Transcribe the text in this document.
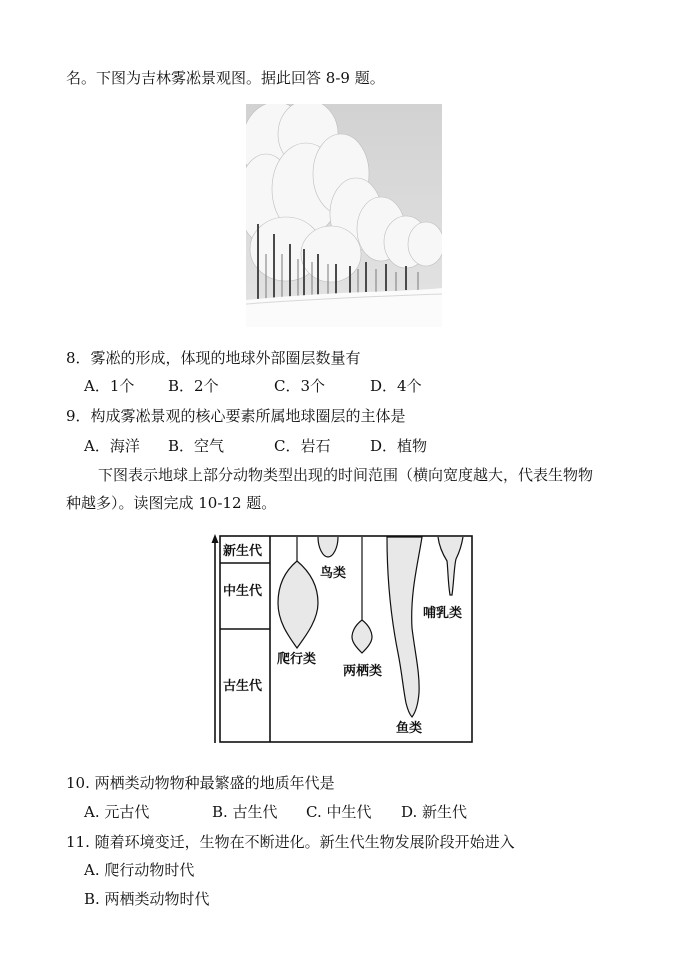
名。下图为吉林雾凇景观图。据此回答 8-9 题。
8．雾凇的形成，体现的地球外部圈层数量有
A．1个 B．2个	C．3个	D．4个
9．构成雾凇景观的核心要素所属地球圈层的主体是
A．海洋 B．空气	C．岩石	D．植物
下图表示地球上部分动物类型出现的时间范围（横向宽度越大，代表生物物
种越多）。读图完成 10-12 题。
新生代
中生代
古生代
鸟类
爬行类
两栖类
鱼类
哺乳类
10. 两栖类动物物种最繁盛的地质年代是
A. 元古代	B. 古生代 C. 中生代 D. 新生代
11. 随着环境变迁，生物在不断进化。新生代生物发展阶段开始进入
A. 爬行动物时代
B. 两栖类动物时代
